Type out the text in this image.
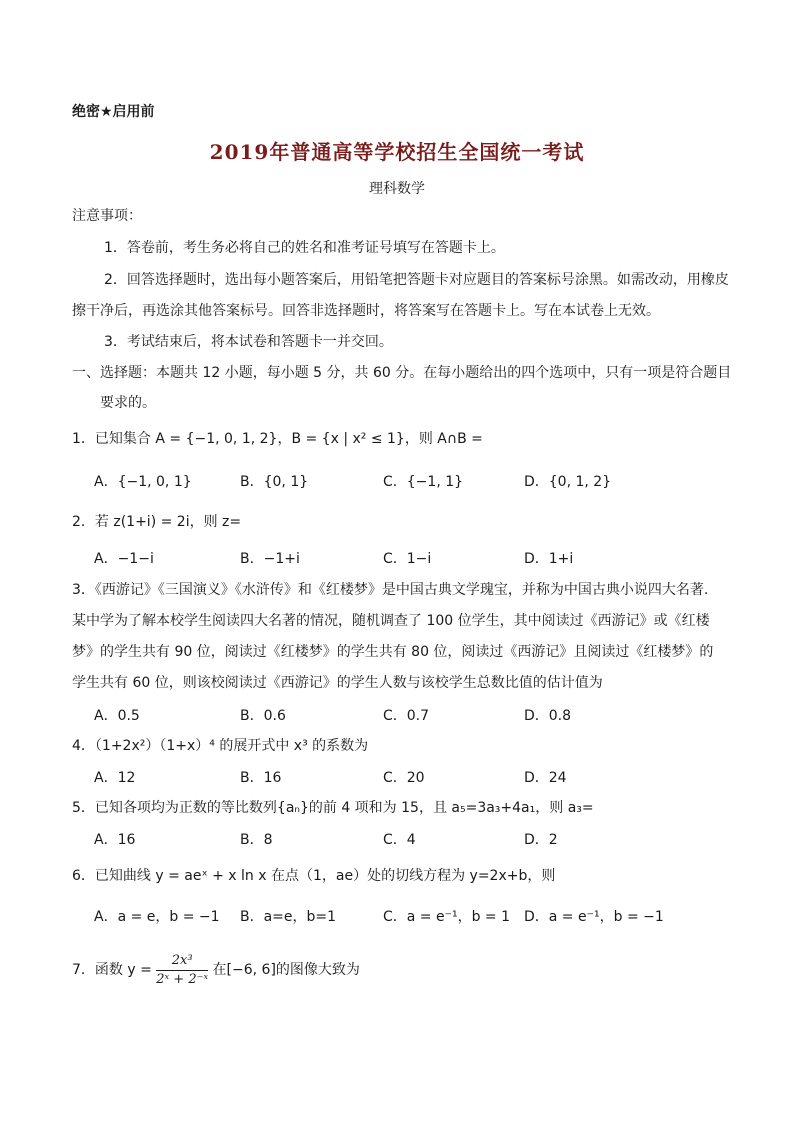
绝密★启用前
2019年普通高等学校招生全国统一考试
理科数学
注意事项：
1．答卷前，考生务必将自己的姓名和准考证号填写在答题卡上。
2．回答选择题时，选出每小题答案后，用铅笔把答题卡对应题目的答案标号涂黑。如需改动，用橡皮
擦干净后，再选涂其他答案标号。回答非选择题时，将答案写在答题卡上。写在本试卷上无效。
3．考试结束后，将本试卷和答题卡一并交回。
一、选择题：本题共 12 小题，每小题 5 分，共 60 分。在每小题给出的四个选项中，只有一项是符合题目
要求的。
1．已知集合 A = {−1, 0, 1, 2}，B = {x | x² ≤ 1}，则 A∩B =
A．{−1, 0, 1}	B．{0, 1}	C．{−1, 1}	D．{0, 1, 2}
2．若 z(1+i) = 2i，则 z=
A．−1−i	B．−1+i	C．1−i	D．1+i
3．《西游记》《三国演义》《水浒传》和《红楼梦》是中国古典文学瑰宝，并称为中国古典小说四大名著.
某中学为了解本校学生阅读四大名著的情况，随机调查了 100 位学生，其中阅读过《西游记》或《红楼
梦》的学生共有 90 位，阅读过《红楼梦》的学生共有 80 位，阅读过《西游记》且阅读过《红楼梦》的
学生共有 60 位，则该校阅读过《西游记》的学生人数与该校学生总数比值的估计值为
A．0.5	B．0.6	C．0.7	D．0.8
4．（1+2x²）（1+x）⁴ 的展开式中 x³ 的系数为
A．12	B．16	C．20	D．24
5．已知各项均为正数的等比数列{aₙ}的前 4 项和为 15，且 a₅=3a₃+4a₁，则 a₃=
A．16	B．8	C．4	D．2
6．已知曲线 y = aeˣ + x ln x 在点（1，ae）处的切线方程为 y=2x+b，则
A．a = e，b = −1 B．a=e，b=1	C．a = e⁻¹，b = 1 D．a = e⁻¹，b = −1
7．函数 $y = \frac{\text{2x³}}{\text{2ˣ + 2⁻ˣ}}$ 在[−6, 6]的图像大致为
